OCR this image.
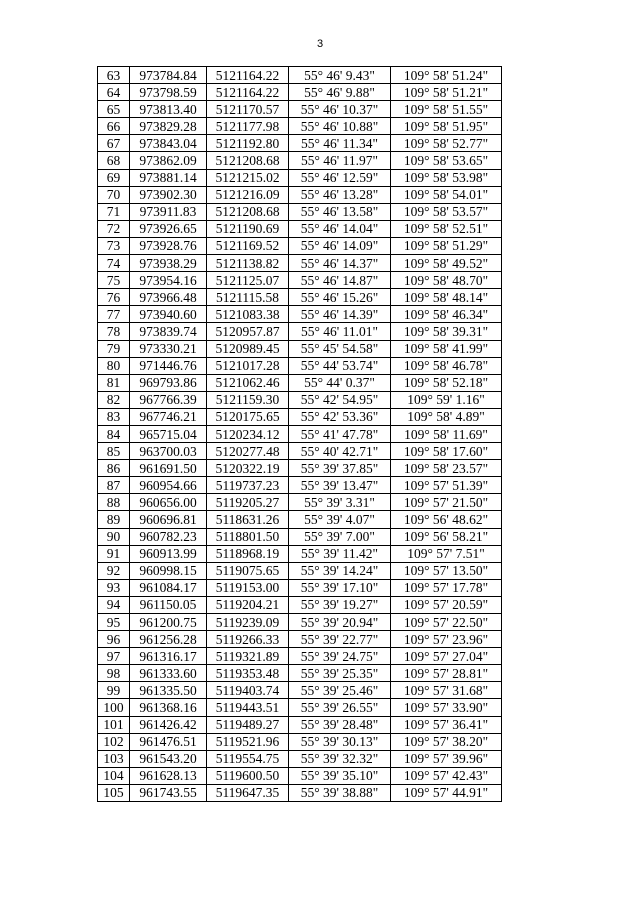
3
63	973784.84	5121164.22	55° 46' 9.43"	109° 58' 51.24"
64	973798.59	5121164.22	55° 46' 9.88"	109° 58' 51.21"
65	973813.40	5121170.57	55° 46' 10.37"	109° 58' 51.55"
66	973829.28	5121177.98	55° 46' 10.88"	109° 58' 51.95"
67	973843.04	5121192.80	55° 46' 11.34"	109° 58' 52.77"
68	973862.09	5121208.68	55° 46' 11.97"	109° 58' 53.65"
69	973881.14	5121215.02	55° 46' 12.59"	109° 58' 53.98"
70	973902.30	5121216.09	55° 46' 13.28"	109° 58' 54.01"
71	973911.83	5121208.68	55° 46' 13.58"	109° 58' 53.57"
72	973926.65	5121190.69	55° 46' 14.04"	109° 58' 52.51"
73	973928.76	5121169.52	55° 46' 14.09"	109° 58' 51.29"
74	973938.29	5121138.82	55° 46' 14.37"	109° 58' 49.52"
75	973954.16	5121125.07	55° 46' 14.87"	109° 58' 48.70"
76	973966.48	5121115.58	55° 46' 15.26"	109° 58' 48.14"
77	973940.60	5121083.38	55° 46' 14.39"	109° 58' 46.34"
78	973839.74	5120957.87	55° 46' 11.01"	109° 58' 39.31"
79	973330.21	5120989.45	55° 45' 54.58"	109° 58' 41.99"
80	971446.76	5121017.28	55° 44' 53.74"	109° 58' 46.78"
81	969793.86	5121062.46	55° 44' 0.37"	109° 58' 52.18"
82	967766.39	5121159.30	55° 42' 54.95"	109° 59' 1.16"
83	967746.21	5120175.65	55° 42' 53.36"	109° 58' 4.89"
84	965715.04	5120234.12	55° 41' 47.78"	109° 58' 11.69"
85	963700.03	5120277.48	55° 40' 42.71"	109° 58' 17.60"
86	961691.50	5120322.19	55° 39' 37.85"	109° 58' 23.57"
87	960954.66	5119737.23	55° 39' 13.47"	109° 57' 51.39"
88	960656.00	5119205.27	55° 39' 3.31"	109° 57' 21.50"
89	960696.81	5118631.26	55° 39' 4.07"	109° 56' 48.62"
90	960782.23	5118801.50	55° 39' 7.00"	109° 56' 58.21"
91	960913.99	5118968.19	55° 39' 11.42"	109° 57' 7.51"
92	960998.15	5119075.65	55° 39' 14.24"	109° 57' 13.50"
93	961084.17	5119153.00	55° 39' 17.10"	109° 57' 17.78"
94	961150.05	5119204.21	55° 39' 19.27"	109° 57' 20.59"
95	961200.75	5119239.09	55° 39' 20.94"	109° 57' 22.50"
96	961256.28	5119266.33	55° 39' 22.77"	109° 57' 23.96"
97	961316.17	5119321.89	55° 39' 24.75"	109° 57' 27.04"
98	961333.60	5119353.48	55° 39' 25.35"	109° 57' 28.81"
99	961335.50	5119403.74	55° 39' 25.46"	109° 57' 31.68"
100	961368.16	5119443.51	55° 39' 26.55"	109° 57' 33.90"
101	961426.42	5119489.27	55° 39' 28.48"	109° 57' 36.41"
102	961476.51	5119521.96	55° 39' 30.13"	109° 57' 38.20"
103	961543.20	5119554.75	55° 39' 32.32"	109° 57' 39.96"
104	961628.13	5119600.50	55° 39' 35.10"	109° 57' 42.43"
105	961743.55	5119647.35	55° 39' 38.88"	109° 57' 44.91"
